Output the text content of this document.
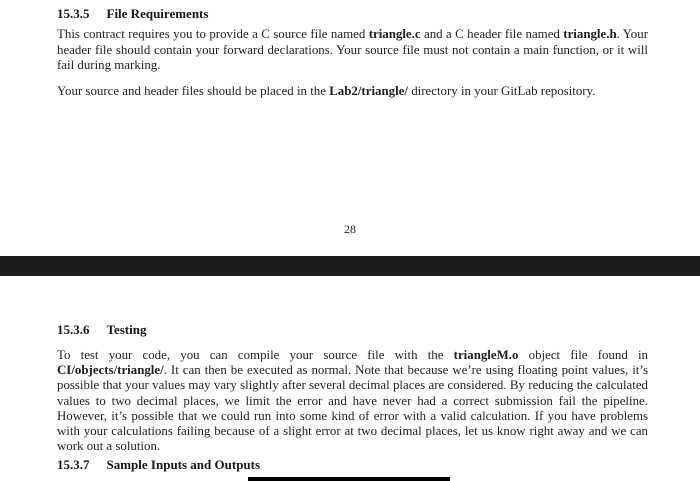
15.3.5 File Requirements

This contract requires you to provide a C source file named triangle.c and a C header file named triangle.h. Your header file should contain your forward declarations. Your source file must not contain a main function, or it will fail during marking.

Your source and header files should be placed in the Lab2/triangle/ directory in your GitLab repository.

28
15.3.6 Testing

To test your code, you can compile your source file with the triangleM.o object file found in CI/objects/triangle/. It can then be executed as normal. Note that because we’re using floating point values, it’s possible that your values may vary slightly after several decimal places are considered. By reducing the calculated values to two decimal places, we limit the error and have never had a correct submission fail the pipeline. However, it’s possible that we could run into some kind of error with a valid calculation. If you have problems with your calculations failing because of a slight error at two decimal places, let us know right away and we can work out a solution.

15.3.7 Sample Inputs and Outputs
